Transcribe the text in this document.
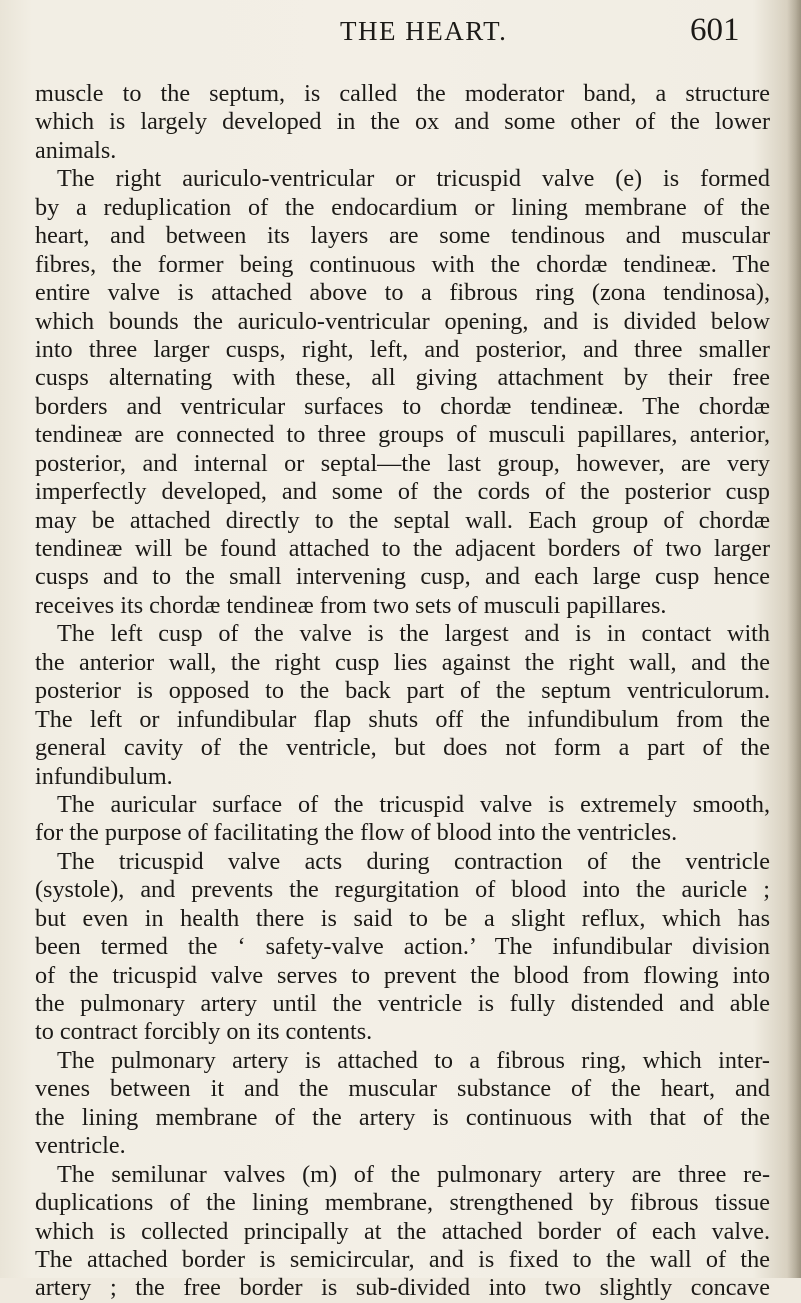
THE HEART.	601
muscle to the septum, is called the moderator band, a structure
which is largely developed in the ox and some other of the lower
animals.
The right auriculo-ventricular or tricuspid valve (e) is formed
by a reduplication of the endocardium or lining membrane of the
heart, and between its layers are some tendinous and muscular
fibres, the former being continuous with the chordæ tendineæ. The
entire valve is attached above to a fibrous ring (zona tendinosa),
which bounds the auriculo-ventricular opening, and is divided below
into three larger cusps, right, left, and posterior, and three smaller
cusps alternating with these, all giving attachment by their free
borders and ventricular surfaces to chordæ tendineæ. The chordæ
tendineæ are connected to three groups of musculi papillares, anterior,
posterior, and internal or septal—the last group, however, are very
imperfectly developed, and some of the cords of the posterior cusp
may be attached directly to the septal wall. Each group of chordæ
tendineæ will be found attached to the adjacent borders of two larger
cusps and to the small intervening cusp, and each large cusp hence
receives its chordæ tendineæ from two sets of musculi papillares.
The left cusp of the valve is the largest and is in contact with
the anterior wall, the right cusp lies against the right wall, and the
posterior is opposed to the back part of the septum ventriculorum.
The left or infundibular flap shuts off the infundibulum from the
general cavity of the ventricle, but does not form a part of the
infundibulum.
The auricular surface of the tricuspid valve is extremely smooth,
for the purpose of facilitating the flow of blood into the ventricles.
The tricuspid valve acts during contraction of the ventricle
(systole), and prevents the regurgitation of blood into the auricle ;
but even in health there is said to be a slight reflux, which has
been termed the ‘ safety-valve action.’ The infundibular division
of the tricuspid valve serves to prevent the blood from flowing into
the pulmonary artery until the ventricle is fully distended and able
to contract forcibly on its contents.
The pulmonary artery is attached to a fibrous ring, which inter-
venes between it and the muscular substance of the heart, and
the lining membrane of the artery is continuous with that of the
ventricle.
The semilunar valves (m) of the pulmonary artery are three re-
duplications of the lining membrane, strengthened by fibrous tissue
which is collected principally at the attached border of each valve.
The attached border is semicircular, and is fixed to the wall of the
artery ; the free border is sub-divided into two slightly concave
